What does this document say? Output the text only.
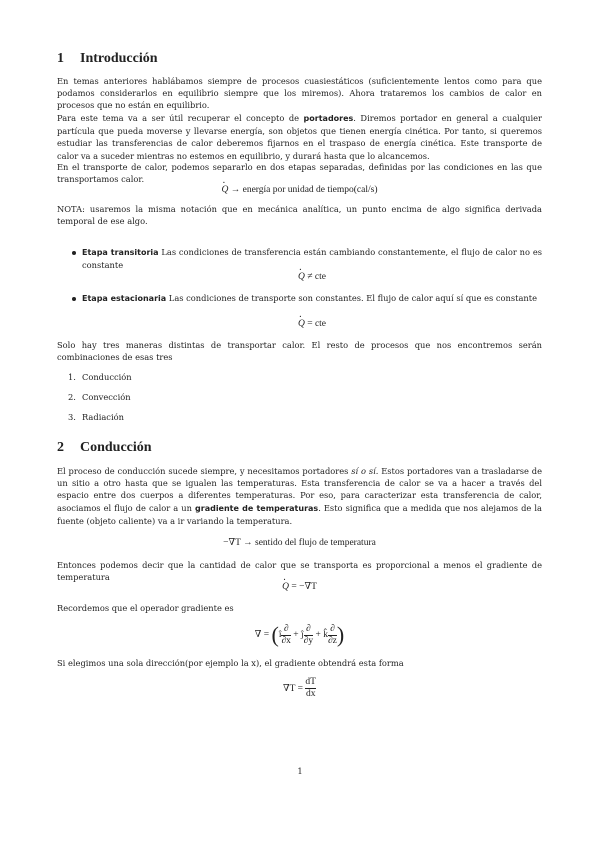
1 Introducción

En temas anteriores hablábamos siempre de procesos cuasiestáticos (suficientemente lentos como para que podamos considerarlos en equilibrio siempre que los miremos). Ahora trataremos los cambios de calor en procesos que no están en equilibrio.

Para este tema va a ser útil recuperar el concepto de portadores. Diremos portador en general a cualquier partícula que pueda moverse y llevarse energía, son objetos que tienen energía cinética. Por tanto, si queremos estudiar las transferencias de calor deberemos fijarnos en el traspaso de energía cinética. Este transporte de calor va a suceder mientras no estemos en equilibrio, y durará hasta que lo alcancemos.

En el transporte de calor, podemos separarlo en dos etapas separadas, definidas por las condiciones en las que transportamos calor.

· Q → energía por unidad de tiempo(cal/s)

NOTA: usaremos la misma notación que en mecánica analítica, un punto encima de algo significa derivada temporal de ese algo.

Etapa transitoria Las condiciones de transferencia están cambiando constantemente, el flujo de calor no es constante

· Q ≠ cte

Etapa estacionaria Las condiciones de transporte son constantes. El flujo de calor aquí sí que es constante

· Q = cte

Solo hay tres maneras distintas de transportar calor. El resto de procesos que nos encontremos serán combinaciones de esas tres

1. Conducción
2. Convección
3. Radiación
2 Conducción

El proceso de conducción sucede siempre, y necesitamos portadores sí o sí. Estos portadores van a trasladarse de un sitio a otro hasta que se igualen las temperaturas. Esta transferencia de calor se va a hacer a través del espacio entre dos cuerpos a diferentes temperaturas. Por eso, para caracterizar esta transferencia de calor, asociamos el flujo de calor a un gradiente de temperaturas. Esto significa que a medida que nos alejamos de la fuente (objeto caliente) va a ir variando la temperatura.

−∇T → sentido del flujo de temperatura

Entonces podemos decir que la cantidad de calor que se transporta es proporcional a menos el gradiente de temperatura

· Q = −∇T

Recordemos que el operador gradiente es

∇ = (î $\frac{\partial}{\partial x}$ + ĵ $\frac{\partial}{\partial y}$ + k̂ $\frac{\partial}{\partial z}$ )

Si elegimos una sola dirección(por ejemplo la x), el gradiente obtendrá esta forma

$\nabla T = \frac{dT}{dx}$
1
